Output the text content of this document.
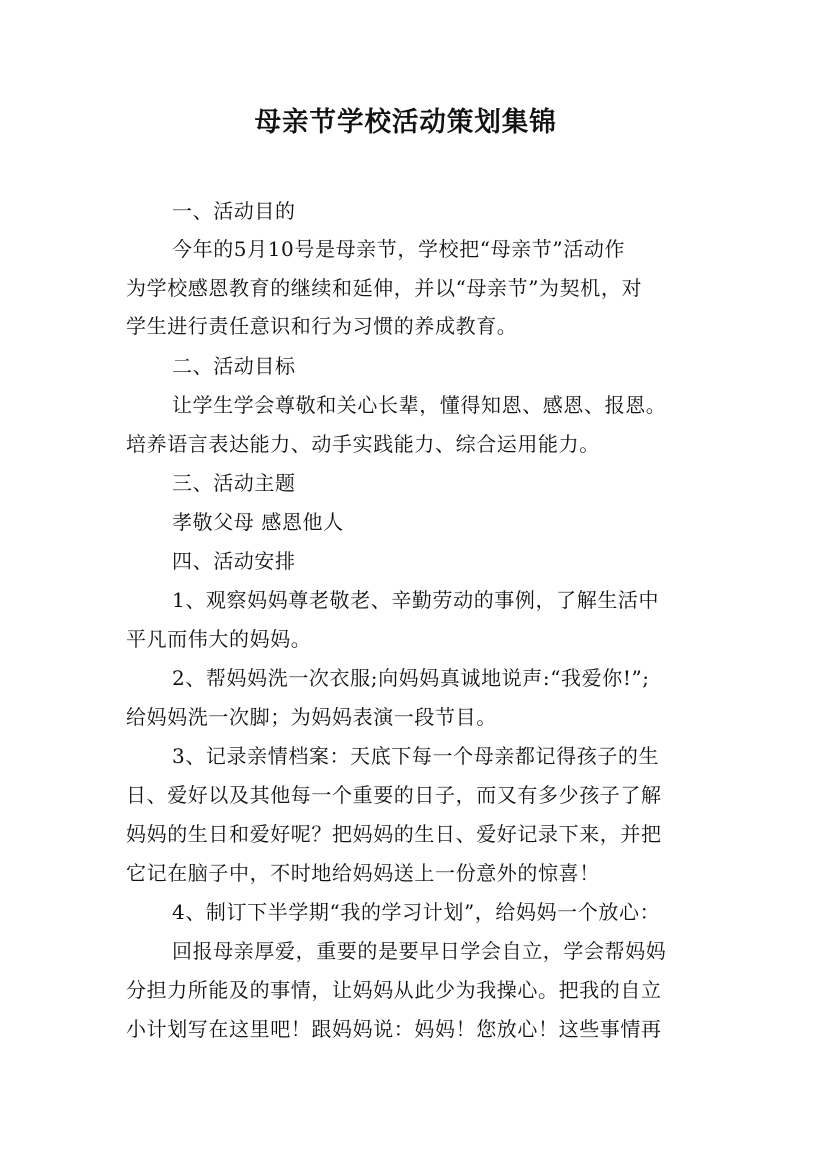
母亲节学校活动策划集锦
一、活动目的
今年的5月10号是母亲节，学校把“母亲节”活动作
为学校感恩教育的继续和延伸，并以“母亲节”为契机，对
学生进行责任意识和行为习惯的养成教育。
二、活动目标
让学生学会尊敬和关心长辈，懂得知恩、感恩、报恩。
培养语言表达能力、动手实践能力、综合运用能力。
三、活动主题
孝敬父母 感恩他人
四、活动安排
1、观察妈妈尊老敬老、辛勤劳动的事例，了解生活中
平凡而伟大的妈妈。
2、帮妈妈洗一次衣服;向妈妈真诚地说声:“我爱你!”;
给妈妈洗一次脚；为妈妈表演一段节目。
3、记录亲情档案：天底下每一个母亲都记得孩子的生
日、爱好以及其他每一个重要的日子，而又有多少孩子了解
妈妈的生日和爱好呢？把妈妈的生日、爱好记录下来，并把
它记在脑子中，不时地给妈妈送上一份意外的惊喜！
4、制订下半学期“我的学习计划”，给妈妈一个放心：
回报母亲厚爱，重要的是要早日学会自立，学会帮妈妈
分担力所能及的事情，让妈妈从此少为我操心。把我的自立
小计划写在这里吧！跟妈妈说：妈妈！您放心！这些事情再
